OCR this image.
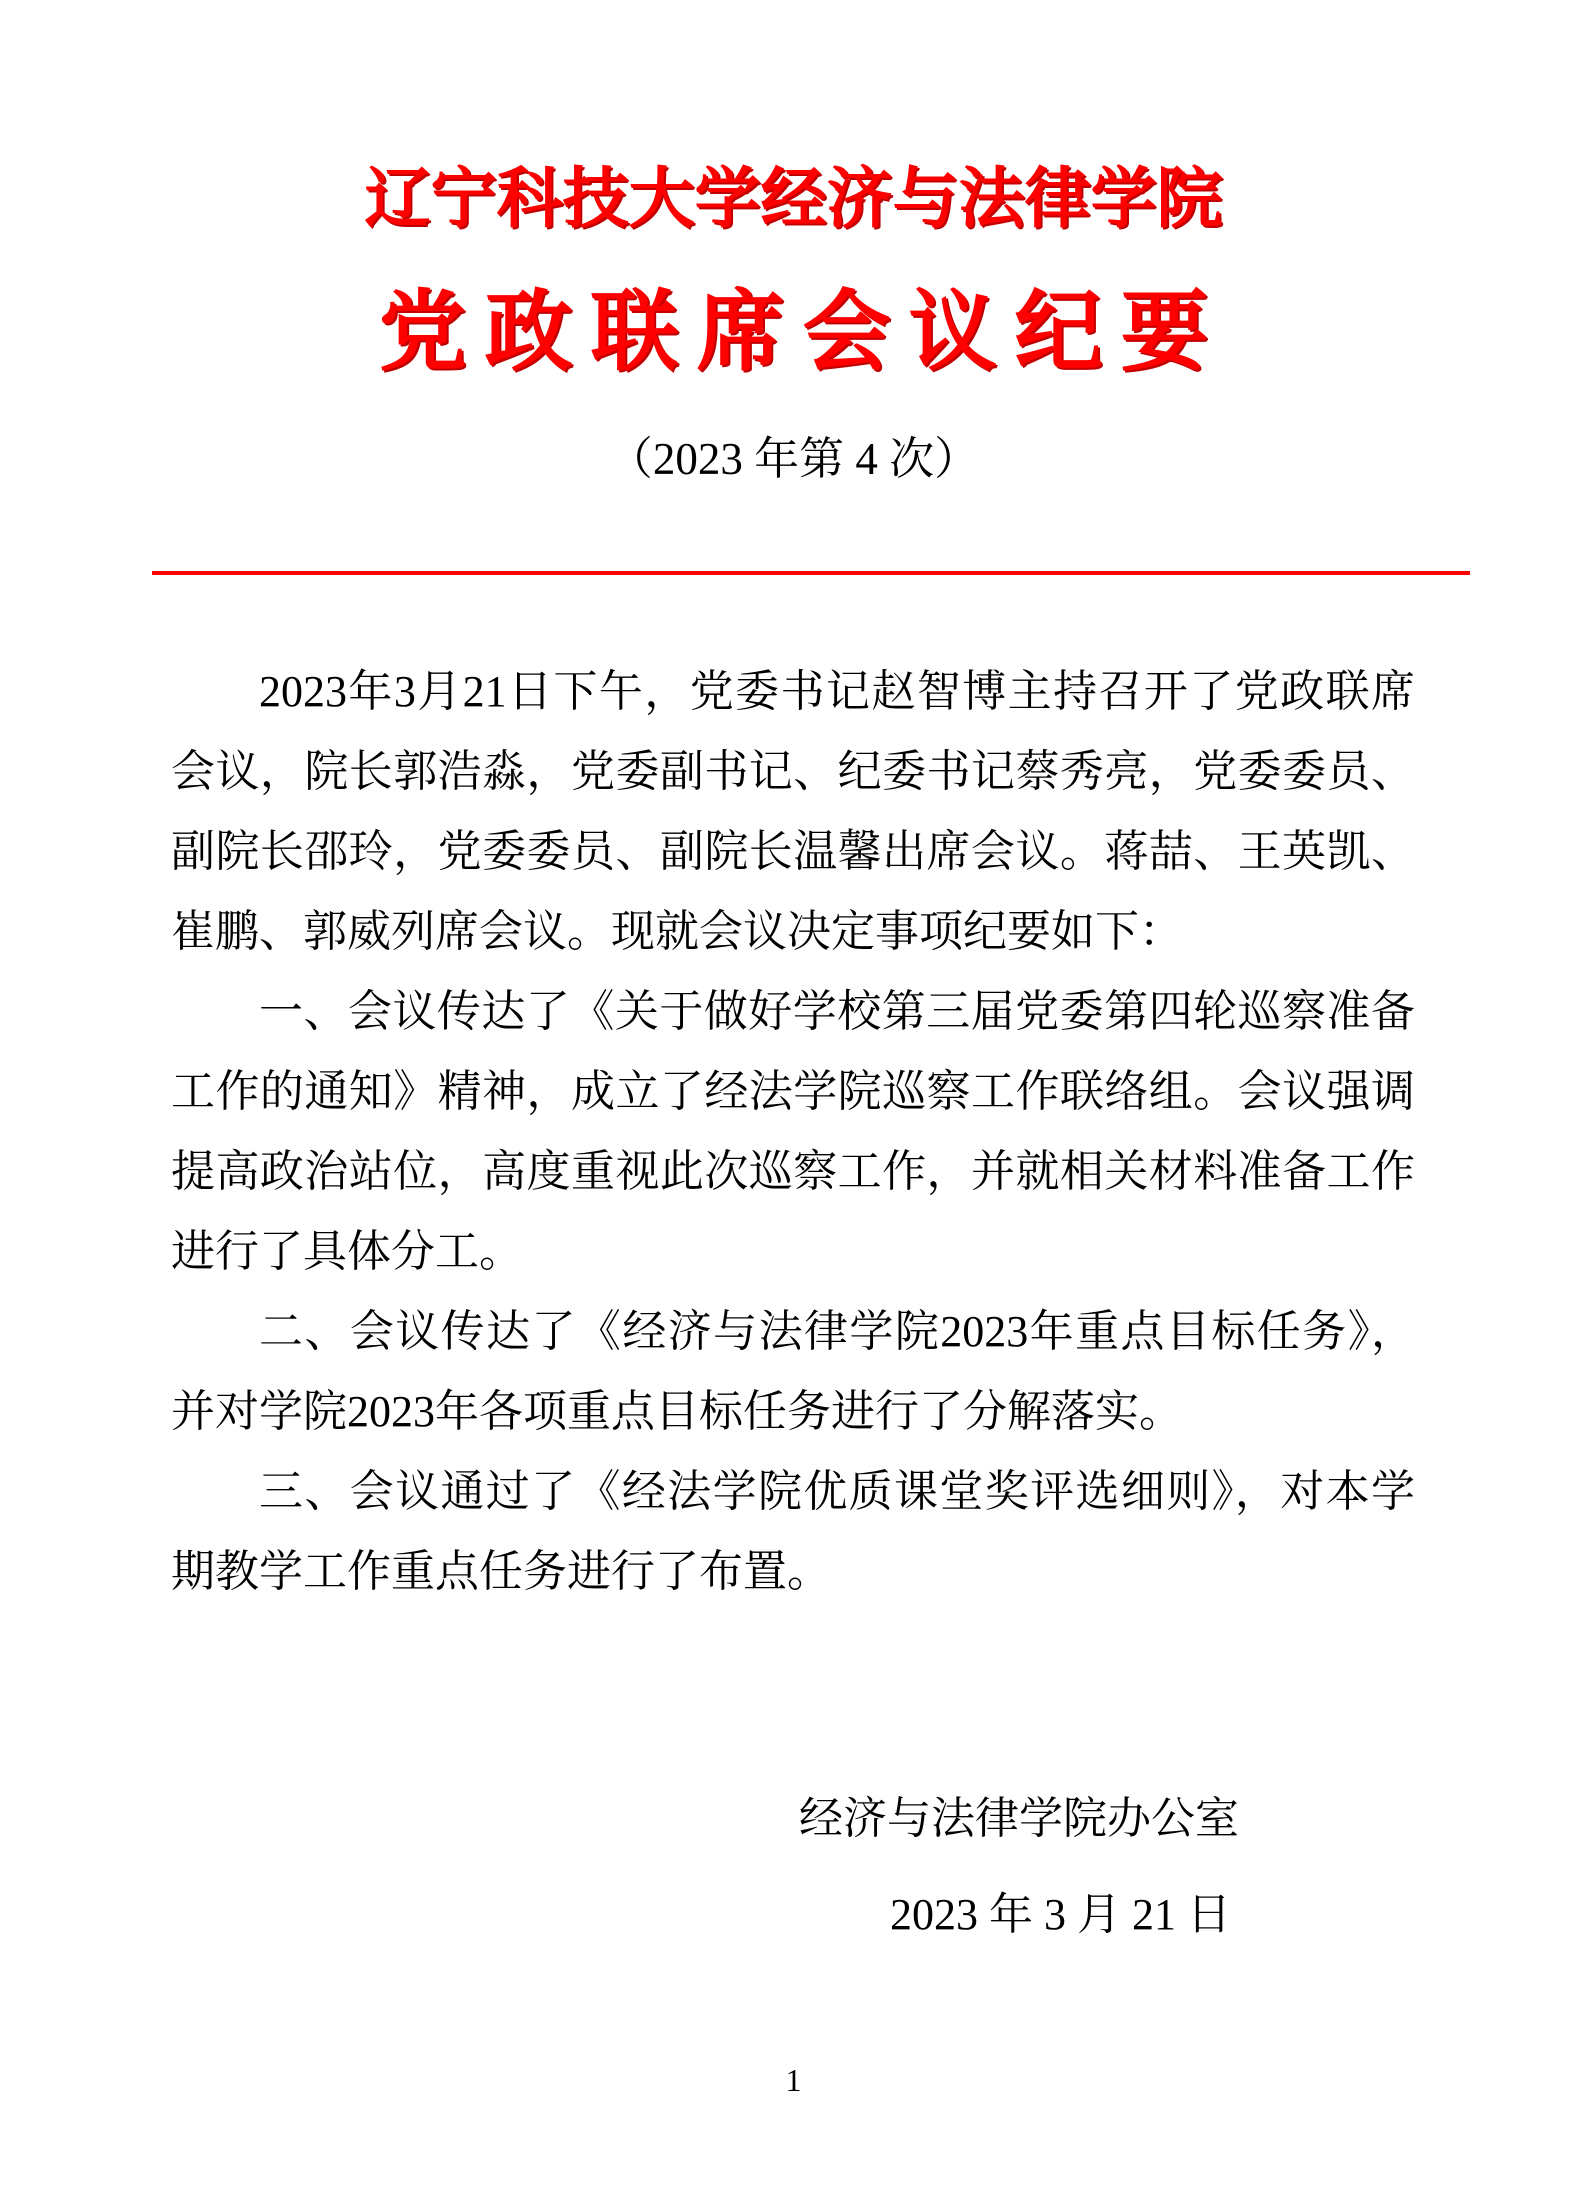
辽宁科技大学经济与法律学院
党政联席会议纪要
（2023 年第 4 次）

2023年3月21日下午，党委书记赵智博主持召开了党政联席会议，院长郭浩淼，党委副书记、纪委书记蔡秀亮，党委委员、副院长邵玲，党委委员、副院长温馨出席会议。蒋喆、王英凯、崔鹏、郭威列席会议。现就会议决定事项纪要如下：

一、会议传达了《关于做好学校第三届党委第四轮巡察准备工作的通知》精神，成立了经法学院巡察工作联络组。会议强调提高政治站位，高度重视此次巡察工作，并就相关材料准备工作进行了具体分工。

二、会议传达了《经济与法律学院2023年重点目标任务》，并对学院2023年各项重点目标任务进行了分解落实。

三、会议通过了《经法学院优质课堂奖评选细则》，对本学期教学工作重点任务进行了布置。

经济与法律学院办公室
2023 年 3 月 21 日
1
